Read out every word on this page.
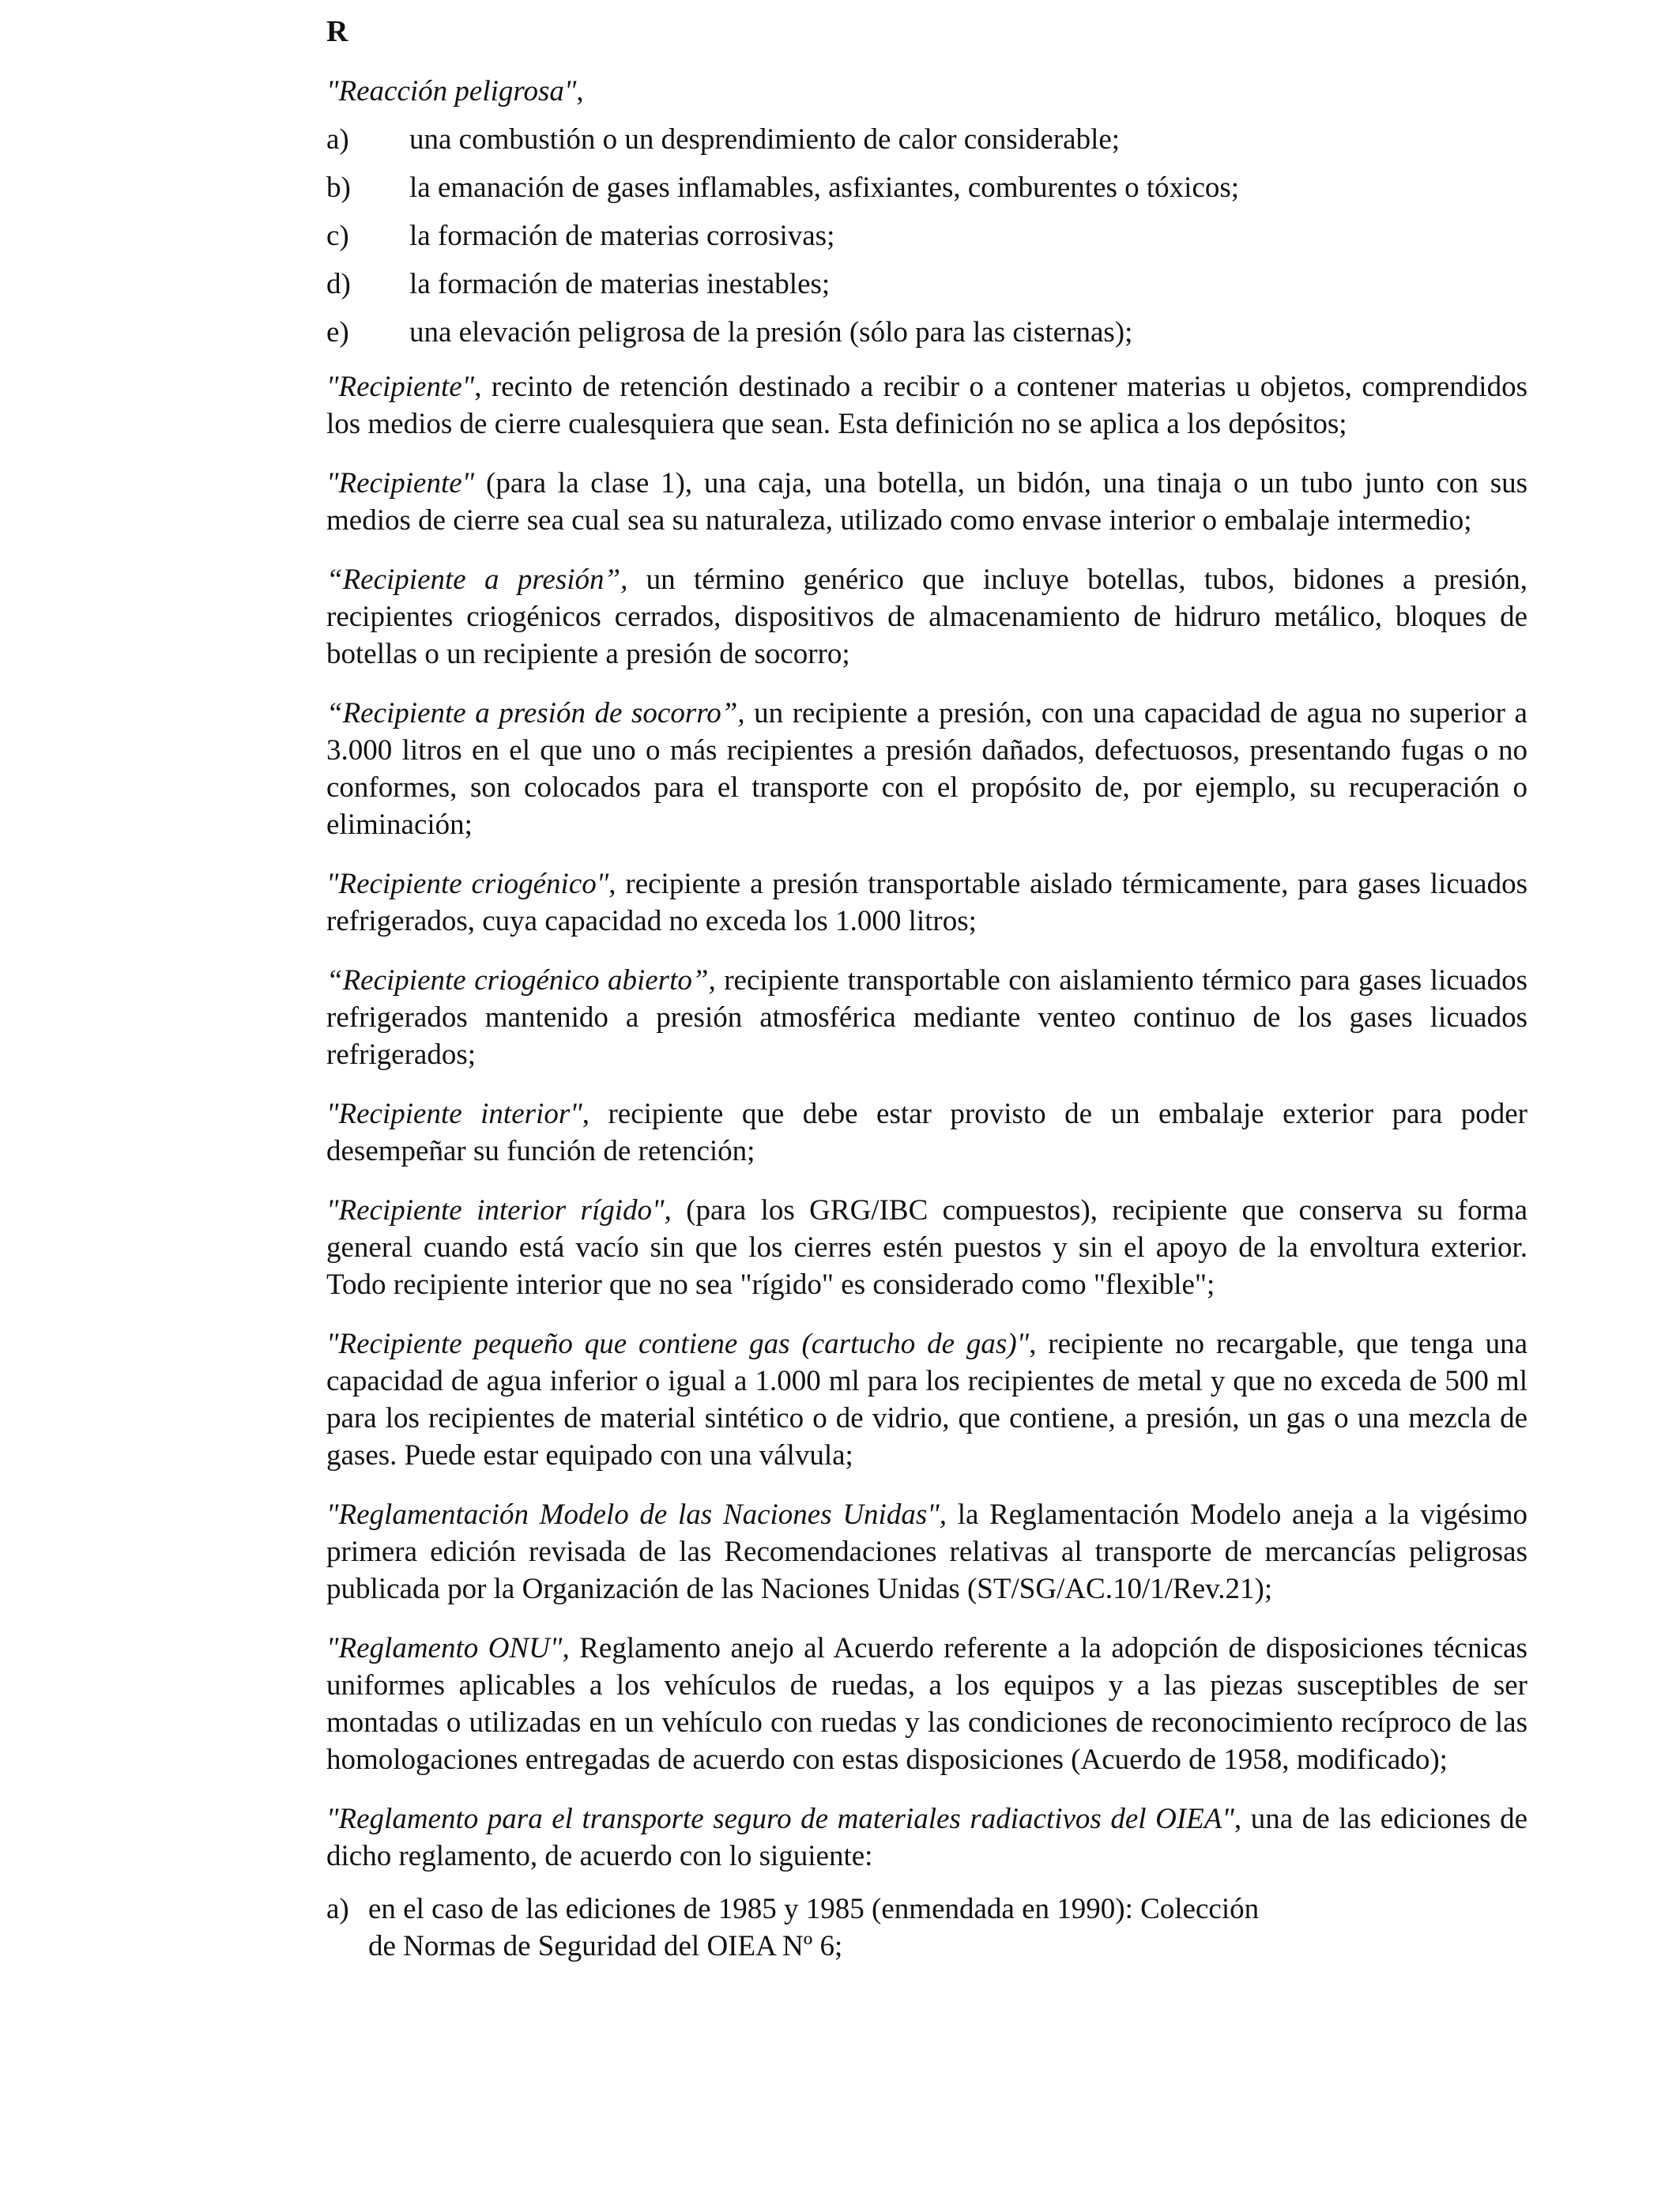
R
"Reacción peligrosa",
a)	una combustión o un desprendimiento de calor considerable;
b)	la emanación de gases inflamables, asfixiantes, comburentes o tóxicos;
c)	la formación de materias corrosivas;
d)	la formación de materias inestables;
e)	una elevación peligrosa de la presión (sólo para las cisternas);

"Recipiente", recinto de retención destinado a recibir o a contener materias u objetos, comprendidos los medios de cierre cualesquiera que sean. Esta definición no se aplica a los depósitos;

"Recipiente" (para la clase 1), una caja, una botella, un bidón, una tinaja o un tubo junto con sus medios de cierre sea cual sea su naturaleza, utilizado como envase interior o embalaje intermedio;

“Recipiente a presión”, un término genérico que incluye botellas, tubos, bidones a presión, recipientes criogénicos cerrados, dispositivos de almacenamiento de hidruro metálico, bloques de botellas o un recipiente a presión de socorro;

“Recipiente a presión de socorro”, un recipiente a presión, con una capacidad de agua no superior a 3.000 litros en el que uno o más recipientes a presión dañados, defectuosos, presentando fugas o no conformes, son colocados para el transporte con el propósito de, por ejemplo, su recuperación o eliminación;

"Recipiente criogénico", recipiente a presión transportable aislado térmicamente, para gases licuados refrigerados, cuya capacidad no exceda los 1.000 litros;

“Recipiente criogénico abierto”, recipiente transportable con aislamiento térmico para gases licuados refrigerados mantenido a presión atmosférica mediante venteo continuo de los gases licuados refrigerados;

"Recipiente interior", recipiente que debe estar provisto de un embalaje exterior para poder desempeñar su función de retención;

"Recipiente interior rígido", (para los GRG/IBC compuestos), recipiente que conserva su forma general cuando está vacío sin que los cierres estén puestos y sin el apoyo de la envoltura exterior. Todo recipiente interior que no sea "rígido" es considerado como "flexible";

"Recipiente pequeño que contiene gas (cartucho de gas)", recipiente no recargable, que tenga una capacidad de agua inferior o igual a 1.000 ml para los recipientes de metal y que no exceda de 500 ml para los recipientes de material sintético o de vidrio, que contiene, a presión, un gas o una mezcla de gases. Puede estar equipado con una válvula;

"Reglamentación Modelo de las Naciones Unidas", la Reglamentación Modelo aneja a la vigésimo primera edición revisada de las Recomendaciones relativas al transporte de mercancías peligrosas publicada por la Organización de las Naciones Unidas (ST/SG/AC.10/1/Rev.21);

"Reglamento ONU", Reglamento anejo al Acuerdo referente a la adopción de disposiciones técnicas uniformes aplicables a los vehículos de ruedas, a los equipos y a las piezas susceptibles de ser montadas o utilizadas en un vehículo con ruedas y las condiciones de reconocimiento recíproco de las homologaciones entregadas de acuerdo con estas disposiciones (Acuerdo de 1958, modificado);

"Reglamento para el transporte seguro de materiales radiactivos del OIEA", una de las ediciones de dicho reglamento, de acuerdo con lo siguiente:

a) en el caso de las ediciones de 1985 y 1985 (enmendada en 1990): Colección
de Normas de Seguridad del OIEA Nº 6;
